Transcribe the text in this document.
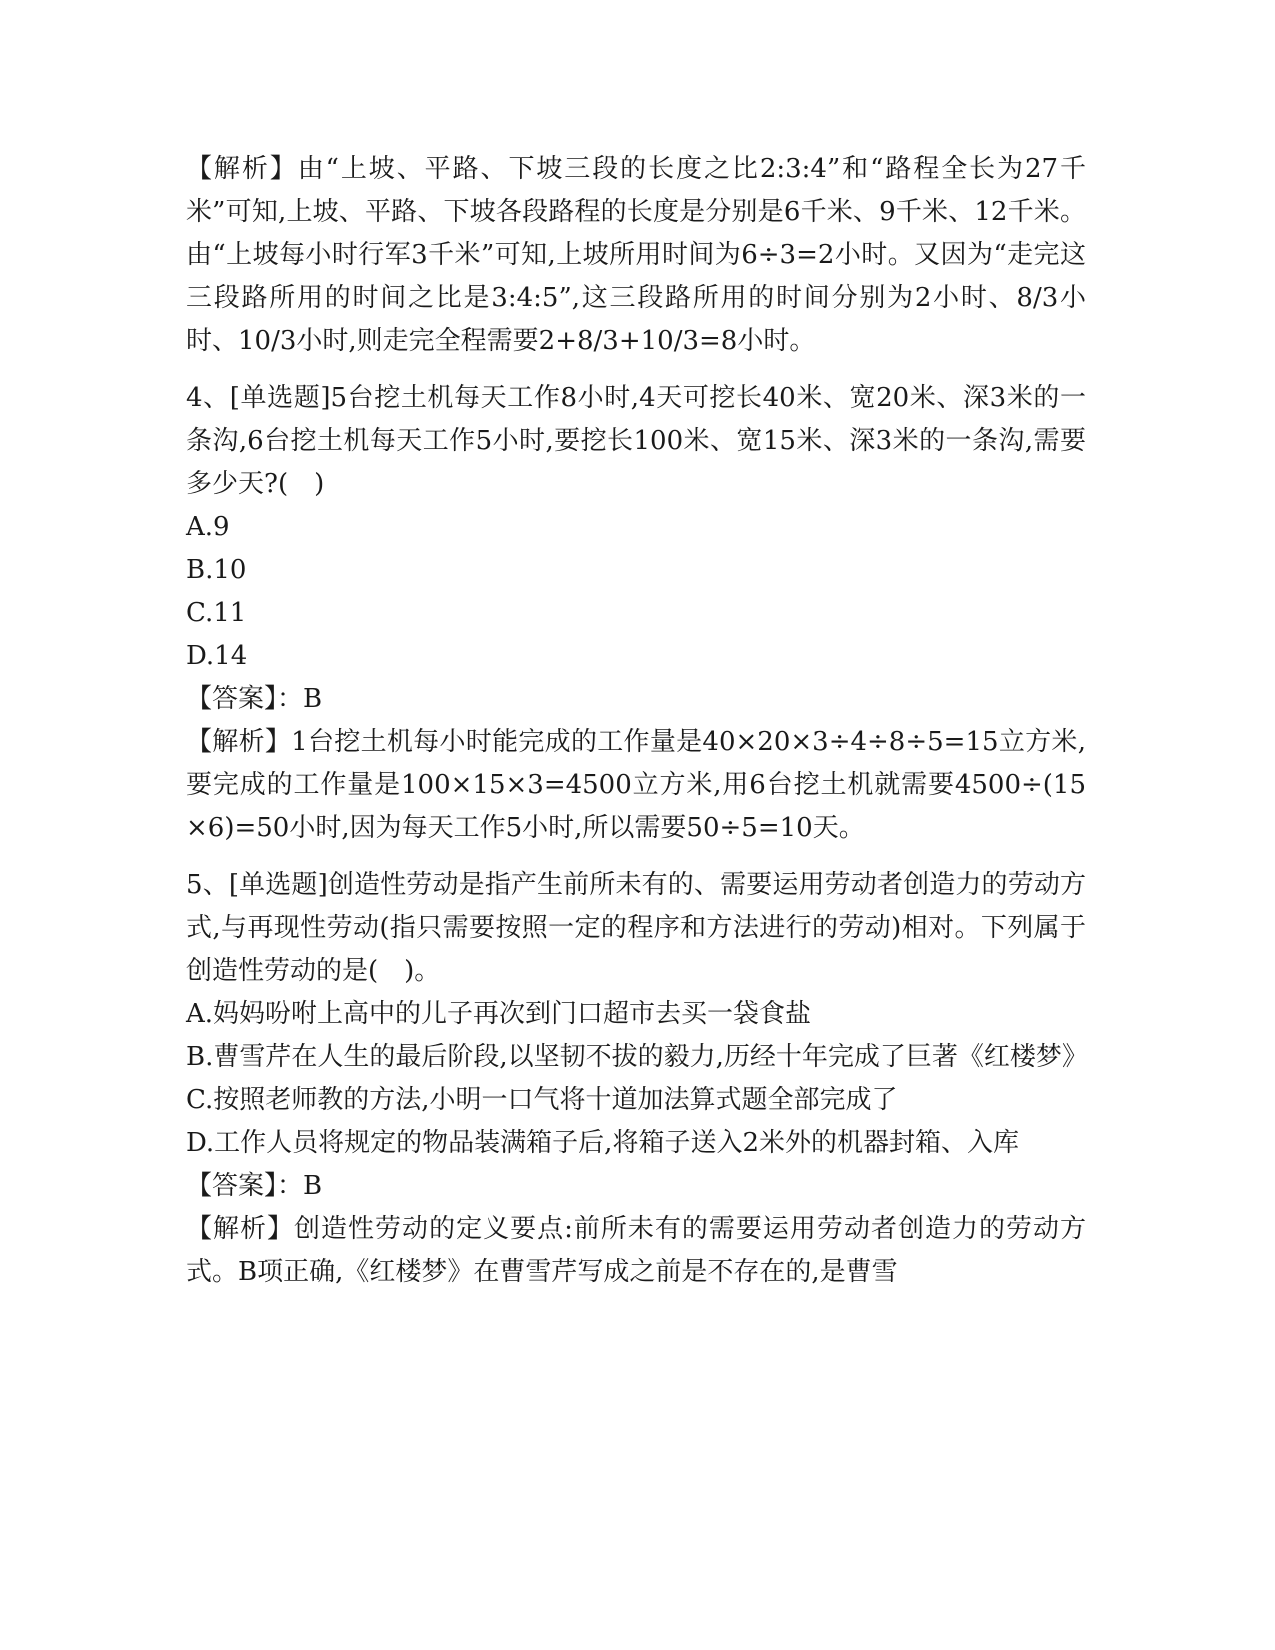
【解析】由“上坡、平路、下坡三段的长度之比2:3:4”和“路程全长为27千米”可知,上坡、平路、下坡各段路程的长度是分别是6千米、9千米、12千米。由“上坡每小时行军3千米”可知,上坡所用时间为6÷3=2小时。又因为“走完这三段路所用的时间之比是3:4:5”,这三段路所用的时间分别为2小时、8/3小时、10/3小时,则走完全程需要2+8/3+10/3=8小时。

4、[单选题]5台挖土机每天工作8小时,4天可挖长40米、宽20米、深3米的一条沟,6台挖土机每天工作5小时,要挖长100米、宽15米、深3米的一条沟,需要多少天?(　)

A.9

B.10

C.11

D.14

【答案】：B

【解析】1台挖土机每小时能完成的工作量是40×20×3÷4÷8÷5=15立方米,要完成的工作量是100×15×3=4500立方米,用6台挖土机就需要4500÷(15×6)=50小时,因为每天工作5小时,所以需要50÷5=10天。

5、[单选题]创造性劳动是指产生前所未有的、需要运用劳动者创造力的劳动方式,与再现性劳动(指只需要按照一定的程序和方法进行的劳动)相对。下列属于创造性劳动的是(　)。

A.妈妈吩咐上高中的儿子再次到门口超市去买一袋食盐

B.曹雪芹在人生的最后阶段,以坚韧不拔的毅力,历经十年完成了巨著《红楼梦》

C.按照老师教的方法,小明一口气将十道加法算式题全部完成了

D.工作人员将规定的物品装满箱子后,将箱子送入2米外的机器封箱、入库

【答案】：B

【解析】创造性劳动的定义要点:前所未有的需要运用劳动者创造力的劳动方式。B项正确,《红楼梦》在曹雪芹写成之前是不存在的,是曹雪
